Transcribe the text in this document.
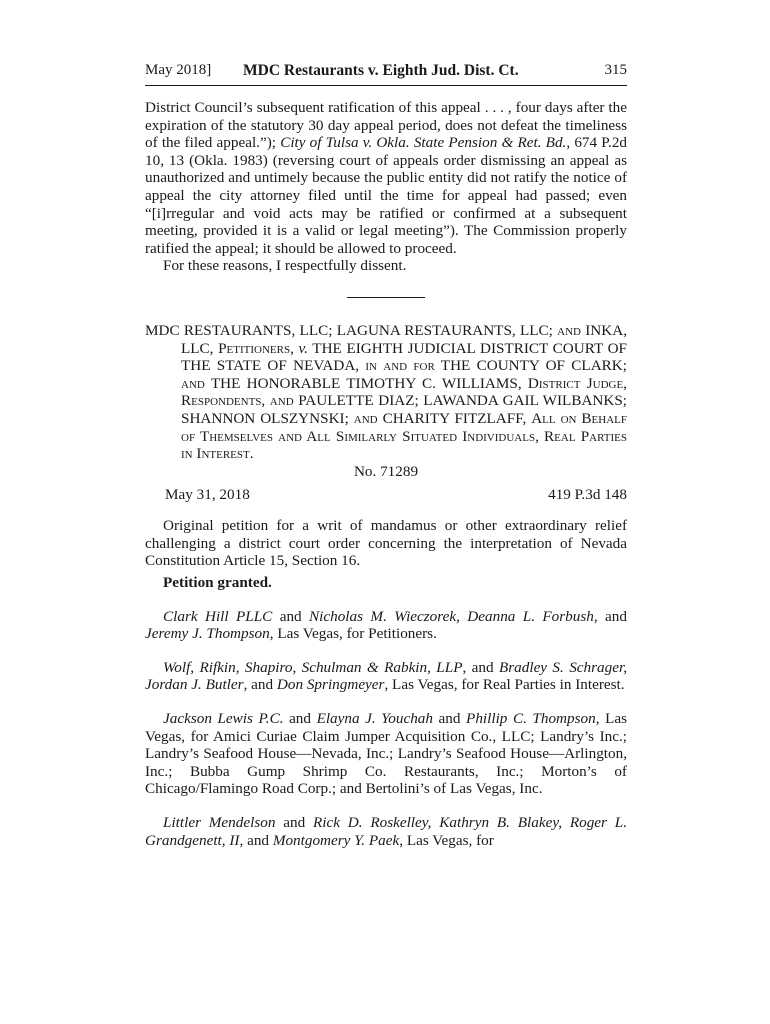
May 2018] MDC Restaurants v. Eighth Jud. Dist. Ct.	315

District Council’s subsequent ratification of this appeal . . . , four days after the expiration of the statutory 30 day appeal period, does not defeat the timeliness of the filed appeal.”); City of Tulsa v. Okla. State Pension & Ret. Bd., 674 P.2d 10, 13 (Okla. 1983) (reversing court of appeals order dismissing an appeal as unauthorized and untimely because the public entity did not ratify the notice of appeal the city attorney filed until the time for appeal had passed; even “[i]rregular and void acts may be ratified or confirmed at a subsequent meeting, provided it is a valid or legal meeting”). The Commission properly ratified the appeal; it should be allowed to proceed.

For these reasons, I respectfully dissent.

MDC RESTAURANTS, LLC; LAGUNA RESTAURANTS, LLC; and INKA, LLC, Petitioners, v. THE EIGHTH JUDICIAL DISTRICT COURT OF THE STATE OF NEVADA, in and for THE COUNTY OF CLARK; and THE HONORABLE TIMOTHY C. WILLIAMS, District Judge, Respondents, and PAULETTE DIAZ; LAWANDA GAIL WILBANKS; SHANNON OLSZYNSKI; and CHARITY FITZLAFF, All on Behalf of Themselves and All Similarly Situated Individuals, Real Parties in Interest.

No. 71289

May 31, 2018	419 P.3d 148

Original petition for a writ of mandamus or other extraordinary relief challenging a district court order concerning the interpretation of Nevada Constitution Article 15, Section 16.

Petition granted.

Clark Hill PLLC and Nicholas M. Wieczorek, Deanna L. Forbush, and Jeremy J. Thompson, Las Vegas, for Petitioners.

Wolf, Rifkin, Shapiro, Schulman & Rabkin, LLP, and Bradley S. Schrager, Jordan J. Butler, and Don Springmeyer, Las Vegas, for Real Parties in Interest.

Jackson Lewis P.C. and Elayna J. Youchah and Phillip C. Thompson, Las Vegas, for Amici Curiae Claim Jumper Acquisition Co., LLC; Landry’s Inc.; Landry’s Seafood House—Nevada, Inc.; Landry’s Seafood House—Arlington, Inc.; Bubba Gump Shrimp Co. Restaurants, Inc.; Morton’s of Chicago/Flamingo Road Corp.; and Bertolini’s of Las Vegas, Inc.

Littler Mendelson and Rick D. Roskelley, Kathryn B. Blakey, Roger L. Grandgenett, II, and Montgomery Y. Paek, Las Vegas, for
